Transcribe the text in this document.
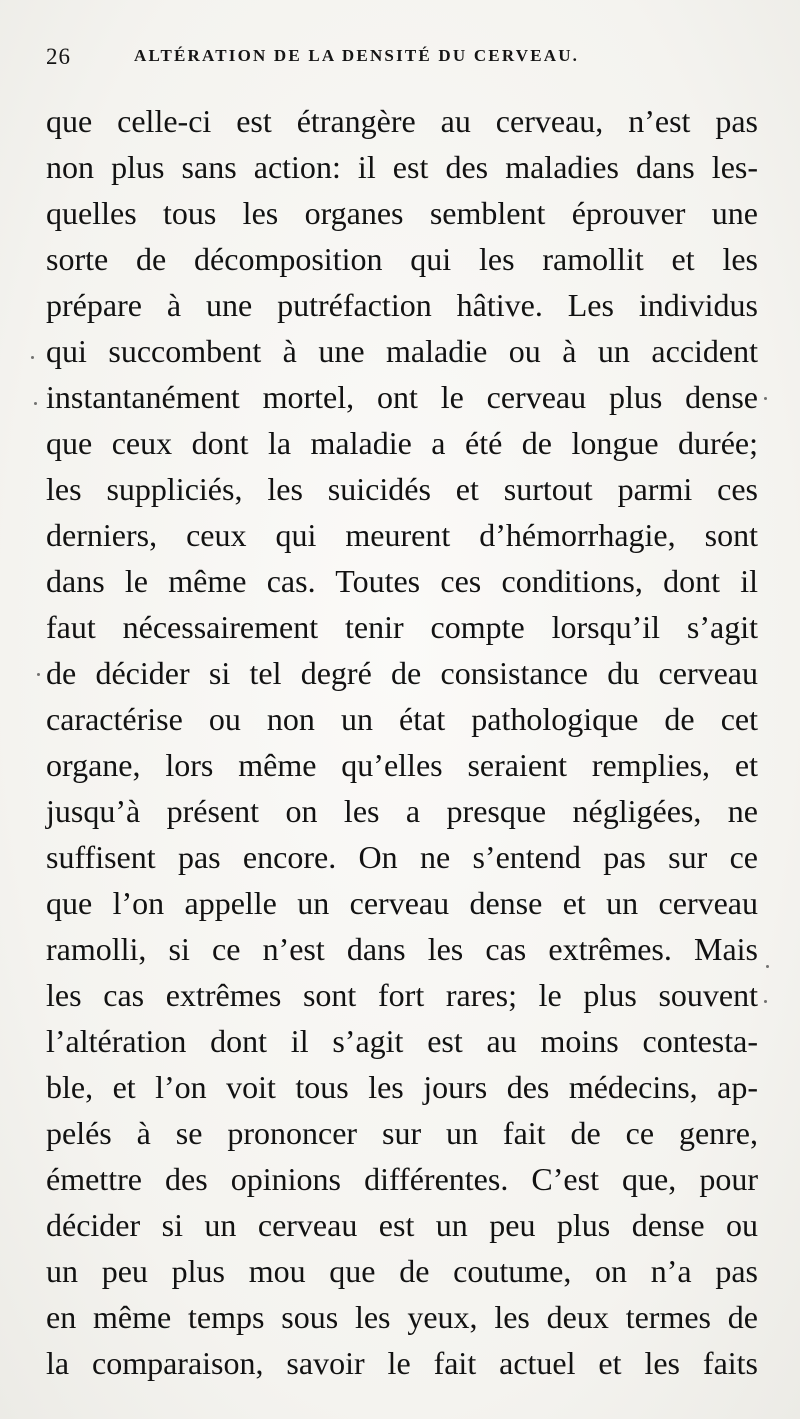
26	ALTÉRATION DE LA DENSITÉ DU CERVEAU.
que celle-ci est étrangère au cerveau, n’est pas
non plus sans action: il est des maladies dans les-
quelles tous les organes semblent éprouver une
sorte de décomposition qui les ramollit et les
prépare à une putréfaction hâtive. Les individus
qui succombent à une maladie ou à un accident
instantanément mortel, ont le cerveau plus dense
que ceux dont la maladie a été de longue durée;
les suppliciés, les suicidés et surtout parmi ces
derniers, ceux qui meurent d’hémorrhagie, sont
dans le même cas. Toutes ces conditions, dont il
faut nécessairement tenir compte lorsqu’il s’agit
de décider si tel degré de consistance du cerveau
caractérise ou non un état pathologique de cet
organe, lors même qu’elles seraient remplies, et
jusqu’à présent on les a presque négligées, ne
suffisent pas encore. On ne s’entend pas sur ce
que l’on appelle un cerveau dense et un cerveau
ramolli, si ce n’est dans les cas extrêmes. Mais
les cas extrêmes sont fort rares; le plus souvent
l’altération dont il s’agit est au moins contesta-
ble, et l’on voit tous les jours des médecins, ap-
pelés à se prononcer sur un fait de ce genre,
émettre des opinions différentes. C’est que, pour
décider si un cerveau est un peu plus dense ou
un peu plus mou que de coutume, on n’a pas
en même temps sous les yeux, les deux termes de
la comparaison, savoir le fait actuel et les faits
